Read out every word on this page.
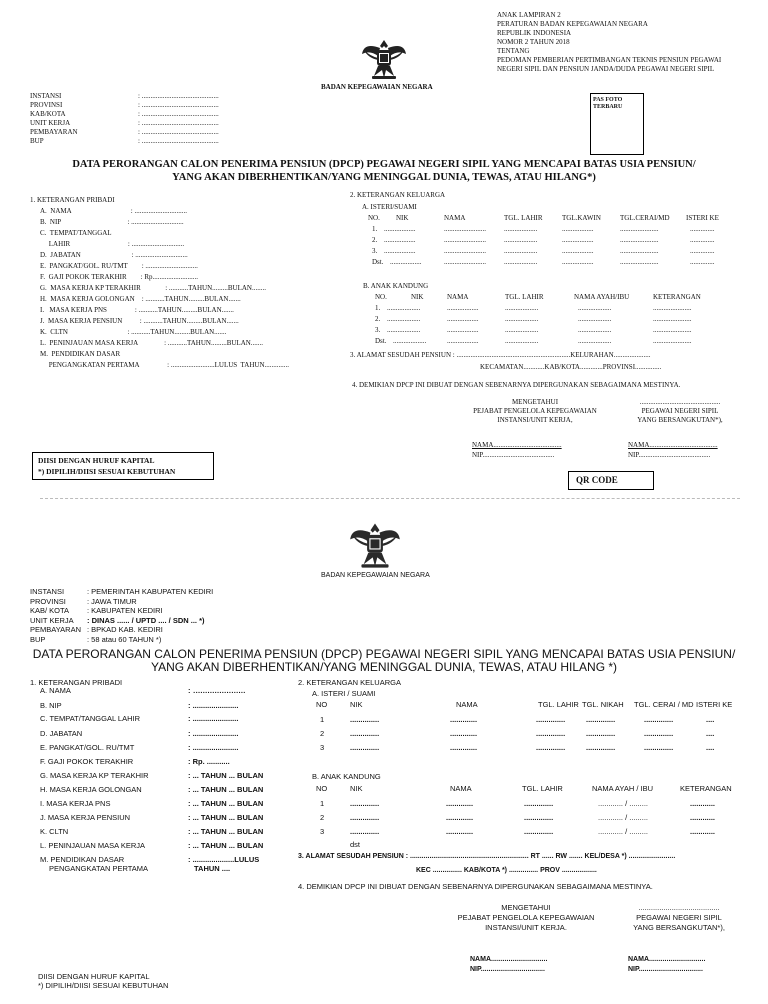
ANAK LAMPIRAN 2
PERATURAN BADAN KEPEGAWAIAN NEGARA
REPUBLIK INDONESIA
NOMOR 2 TAHUN 2018
TENTANG
PEDOMAN PEMBERIAN PERTIMBANGAN TEKNIS PENSIUN PEGAWAI
NEGERI SIPIL DAN PENSIUN JANDA/DUDA PEGAWAI NEGERI SIPIL
BADAN KEPEGAWAIAN NEGARA
INSTANSI	: ............................................
PROVINSI	: ............................................
KAB/KOTA	: ............................................
UNIT KERJA	: ............................................
PEMBAYARAN	: ............................................
BUP	: ............................................
PAS FOTO TERBARU
DATA PERORANGAN CALON PENERIMA PENSIUN (DPCP) PEGAWAI NEGERI SIPIL YANG MENCAPAI BATAS USIA PENSIUN/
YANG AKAN DIBERHENTIKAN/YANG MENINGGAL DUNIA, TEWAS, ATAU HILANG*)
1. KETERANGAN PRIBADI
A.  NAMA                                  : ..............................
B.  NIP                                      : ..............................
C.  TEMPAT/TANGGAL
LAHIR                                 : ..............................
D.  JABATAN                             : ..............................
E.  PANGKAT/GOL. RU/TMT        : ..............................
F.  GAJI POKOK TERAKHIR        : Rp..........................
G.  MASA KERJA KP TERAKHIR              : ...........TAHUN.........BULAN........
H.  MASA KERJA GOLONGAN    : ...........TAHUN.........BULAN.......
I.   MASA KERJA PNS                : ...........TAHUN.........BULAN.......
J.  MASA KERJA PENSIUN          : ...........TAHUN.........BULAN.......
K.  CLTN                                  : ...........TAHUN.........BULAN.......
L.  PENINJAUAN MASA KERJA               : ...........TAHUN.........BULAN.......
M.  PENDIDIKAN DASAR
PENGANGKATAN PERTAMA                : .........................LULUS  TAHUN..............
2. KETERANGAN KELUARGA
A. ISTERI/SUAMI
NO. NIK	NAMA	TGL. LAHIR	TGL.KAWIN	TGL.CERAI/MD ISTERI KE
1. ..................	........................	...................	..................	......................	..............
2. ..................	........................	...................	..................	......................	..............
3. ..................	........................	...................	..................	......................	..............
Dst. ..................	........................	...................	..................	......................	..............
B. ANAK KANDUNG
NO.	NIK	NAMA	TGL. LAHIR	NAMA AYAH/IBU	KETERANGAN
1. ...................	..................	...................	...................	......................
2. ...................	..................	...................	...................	......................
3. ...................	..................	...................	...................	......................
Dst. ...................	..................	...................	...................	......................
3. ALAMAT SESUDAH PENSIUN : .................................................................KELURAHAN.....................
KECAMATAN............KAB/KOTA.............PROVINSI...............
4. DEMIKIAN DPCP INI DIBUAT DENGAN SEBENARNYA DIPERGUNAKAN SEBAGAIMANA MESTINYA.
MENGETAHUI
PEJABAT PENGELOLA KEPEGAWAIAN
INSTANSI/UNIT KERJA,
..............................................
PEGAWAI NEGERI SIPIL
YANG BERSANGKUTAN*),
NAMA.......................................
NIP.........................................
NAMA.......................................
NIP.........................................
DIISI DENGAN HURUF KAPITAL
*) DIPILIH/DIISI SESUAI KEBUTUHAN
QR CODE
BADAN KEPEGAWAIAN NEGARA
INSTANSI	: PEMERINTAH KABUPATEN KEDIRI
PROVINSI	: JAWA TIMUR
KAB/ KOTA : KABUPATEN KEDIRI
UNIT KERJA : DINAS ...... / UPTD .... / SDN ... *)
PEMBAYARAN : BPKAD KAB. KEDIRI
BUP	: 58 atau 60 TAHUN *)
DATA PERORANGAN CALON PENERIMA PENSIUN (DPCP) PEGAWAI NEGERI SIPIL YANG MENCAPAI BATAS USIA PENSIUN/
YANG AKAN DIBERHENTIKAN/YANG MENINGGAL DUNIA, TEWAS, ATAU HILANG *)
1. KETERANGAN PRIBADI
A. NAMA	: ......................
B. NIP	: ......................
C. TEMPAT/TANGGAL LAHIR	: ......................
D. JABATAN	: ......................
E. PANGKAT/GOL. RU/TMT	: ......................
F. GAJI POKOK TERAKHIR	: Rp. ...........
G. MASA KERJA KP TERAKHIR	: ... TAHUN ... BULAN
H. MASA KERJA GOLONGAN	: ... TAHUN ... BULAN
I. MASA KERJA PNS	: ... TAHUN ... BULAN
J. MASA KERJA PENSIUN	: ... TAHUN ... BULAN
K. CLTN	: ... TAHUN ... BULAN
L. PENINJAUAN MASA KERJA	: ... TAHUN ... BULAN
M. PENDIDIKAN DASAR	: ....................LULUS
PENGANGKATAN PERTAMA	TAHUN ....
2. KETERANGAN KELUARGA
A. ISTERI / SUAMI
NO	NIK	NAMA	TGL. LAHIR TGL. NIKAH TGL. CERAI / MD ISTERI KE
1	..............	.............	..............	..............	..............	....
2	..............	.............	..............	..............	..............	....
3	..............	.............	..............	..............	..............	....
B. ANAK KANDUNG
NO	NIK	NAMA	TGL. LAHIR	NAMA AYAH / IBU	KETERANGAN
1	..............	.............	..............	............ / .........	............
2	..............	.............	..............	............ / .........	............
3	..............	.............	..............	............ / .........	............
dst
3. ALAMAT SESUDAH PENSIUN : ............................................................. RT ...... RW ....... KEL/DESA *) ........................
KEC ............... KAB/KOTA *) ............... PROV ..................
4. DEMIKIAN DPCP INI DIBUAT DENGAN SEBENARNYA DIPERGUNAKAN SEBAGAIMANA MESTINYA.
MENGETAHUI
PEJABAT PENGELOLA KEPEGAWAIAN
INSTANSI/UNIT KERJA.
.......................................
PEGAWAI NEGERI SIPIL
YANG BERSANGKUTAN*),
NAMA.............................
NIP.................................
NAMA.............................
NIP.................................
DIISI DENGAN HURUF KAPITAL
*) DIPILIH/DIISI SESUAI KEBUTUHAN
